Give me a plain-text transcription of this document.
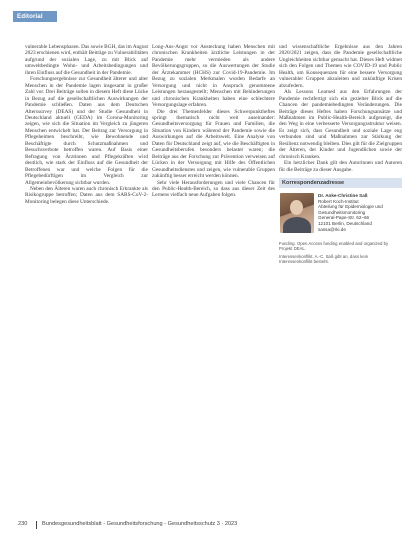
Editorial

vulnerable Lebensphasen. Das sowie BGH, das im August 2023 erschienen wird, enthält Beiträge zu Vulnerabilitäten aufgrund der sozialen Lage, zu mit Blick auf umweltbedingte Wohn- und Arbeitsbedingungen und ihren Einfluss auf die Gesundheit in der Pandemie.

Forschungsergebnisse zur Gesundheit älterer und alter Menschen in der Pandemie lagen insgesamt in großer Zahl vor. Drei Beiträge sollen in diesem Heft diese Lücke in Bezug auf die gesellschaftlichen Auswirkungen der Pandemie schließen. Daten aus dem Deutschen Alterssurvey (DEAS) und der Studie Gesundheit in Deutschland aktuell (GEDA) im Corona-Monitoring zeigen, wie sich die Situation im Vergleich zu jüngeren Menschen entwickelt hat. Der Beitrag zur Versorgung in Pflegeheimen beschreibt, wie Bewohnende und Beschäftigte durch Schutzmaßnahmen und Besuchsverbote betroffen waren. Auf Basis einer Befragung von Ärztinnen und Pflegekräften wird deutlich, wie stark der Einfluss auf die Gesundheit der Betroffenen war und welche Folgen für die Pflegebedürftigen im Vergleich zur Allgemeinbevölkerung sichtbar wurden.

Neben den Älteren waren auch chronisch Erkrankte als Risikogruppe betroffen; Daten aus dem SARS-CoV-2-Monitoring belegen diese Unterschiede.

Long-Aus-Angst vor Ansteckung haben Menschen mit chronischen Krankheiten ärztliche Leistungen in der Pandemie mehr vermieden als andere Bevölkerungsgruppen, so die Auswertungen der Studie der Ärztekammer (HCHS) zur Covid-19-Pandemie. Im Bezug zu sozialen Merkmalen wurden Bedarfe an Versorgung und nicht in Anspruch genommene Leistungen herausgestellt; Menschen mit Behinderungen und chronischen Krankheiten haben eine schlechtere Versorgungslage erfahren.

Die drei Themenfelder dieses Schwerpunktheftes springt thematisch nicht weit auseinander: Gesundheitsversorgung für Frauen und Familien, die Situation von Kindern während der Pandemie sowie die Auswirkungen auf die Arbeitswelt. Eine Analyse von Daten für Deutschland zeigt auf, wie die Beschäftigten in Gesundheitsberufen besonders belastet waren; die Beiträge aus der Forschung zur Prävention verweisen auf Lücken in der Versorgung mit Hilfe des Öffentlichen Gesundheitsdienstes und zeigen, wie vulnerable Gruppen zukünftig besser erreicht werden können.

Sehr viele Herausforderungen und viele Chancen für den Public-Health-Bereich, so dass aus dieser Zeit des Lernens vielfach neue Aufgaben folgen.

und wissenschaftliche Ergebnisse aus den Jahren 2020/2021 zeigen, dass die Pandemie gesellschaftliche Ungleichheiten sichtbar gemacht hat. Dieses Heft widmet sich den Folgen und Themen wie COVID-19 und Public Health, um Konsequenzen für eine bessere Versorgung vulnerabler Gruppen abzuleiten und zukünftige Krisen abzufedern.

Als Lessons Learned aus den Erfahrungen der Pandemie rechtfertigt sich ein gezielter Blick auf die Chancen der pandemiebedingten Veränderungen. Die Beiträge dieses Heftes haben Forschungsansätze und Maßnahmen im Public-Health-Bereich aufgezeigt, die den Weg in eine verbesserte Versorgungsstruktur weisen. Es zeigt sich, dass Gesundheit und soziale Lage eng verbunden sind und Maßnahmen zur Stärkung der Resilienz notwendig bleiben. Dies gilt für die Zielgruppen der Älteren, der Kinder und Jugendlichen sowie der chronisch Kranken.

Ein herzlicher Dank gilt den Autorinnen und Autoren für die Beiträge zu dieser Ausgabe.

Korrespondenzadresse
Dr. Anke-Christine Saß
Robert Koch-Institut
Abteilung für Epidemiologie und
Gesundheitsmonitoring
General-Pape-Str. 62–66
12101 Berlin, Deutschland
sassa@rki.de
Funding. Open Access funding enabled and organized by Projekt DEAL.
Interessenkonflikt. A.-C. Saß gibt an, dass kein Interessenkonflikt besteht.
230	Bundesgesundheitsblatt - Gesundheitsforschung - Gesundheitsschutz 3 · 2023
